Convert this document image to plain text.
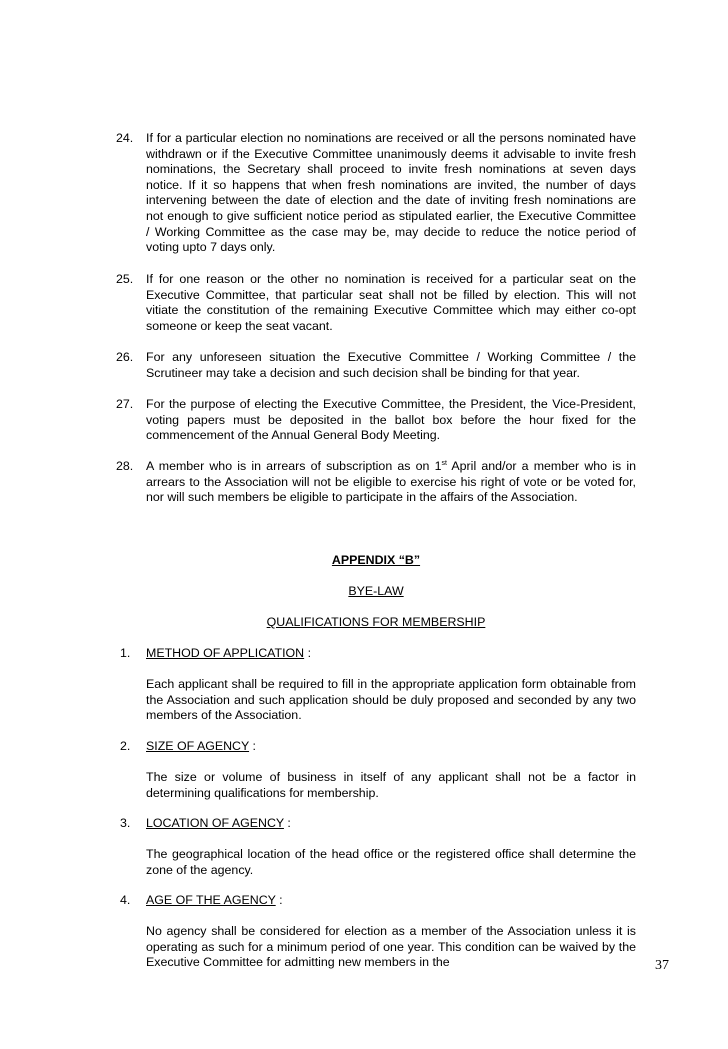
24. If for a particular election no nominations are received or all the persons nominated have withdrawn or if the Executive Committee unanimously deems it advisable to invite fresh nominations, the Secretary shall proceed to invite fresh nominations at seven days notice. If it so happens that when fresh nominations are invited, the number of days intervening between the date of election and the date of inviting fresh nominations are not enough to give sufficient notice period as stipulated earlier, the Executive Committee / Working Committee as the case may be, may decide to reduce the notice period of voting upto 7 days only.
25. If for one reason or the other no nomination is received for a particular seat on the Executive Committee, that particular seat shall not be filled by election. This will not vitiate the constitution of the remaining Executive Committee which may either co-opt someone or keep the seat vacant.
26. For any unforeseen situation the Executive Committee / Working Committee / the Scrutineer may take a decision and such decision shall be binding for that year.
27. For the purpose of electing the Executive Committee, the President, the Vice-President, voting papers must be deposited in the ballot box before the hour fixed for the commencement of the Annual General Body Meeting.
28. A member who is in arrears of subscription as on 1st April and/or a member who is in arrears to the Association will not be eligible to exercise his right of vote or be voted for, nor will such members be eligible to participate in the affairs of the Association.
APPENDIX “B”
BYE-LAW
QUALIFICATIONS FOR MEMBERSHIP
1. METHOD OF APPLICATION :
Each applicant shall be required to fill in the appropriate application form obtainable from the Association and such application should be duly proposed and seconded by any two members of the Association.
2. SIZE OF AGENCY :
The size or volume of business in itself of any applicant shall not be a factor in determining qualifications for membership.
3. LOCATION OF AGENCY :
The geographical location of the head office or the registered office shall determine the zone of the agency.
4. AGE OF THE AGENCY :
No agency shall be considered for election as a member of the Association unless it is operating as such for a minimum period of one year. This condition can be waived by the Executive Committee for admitting new members in the	37
